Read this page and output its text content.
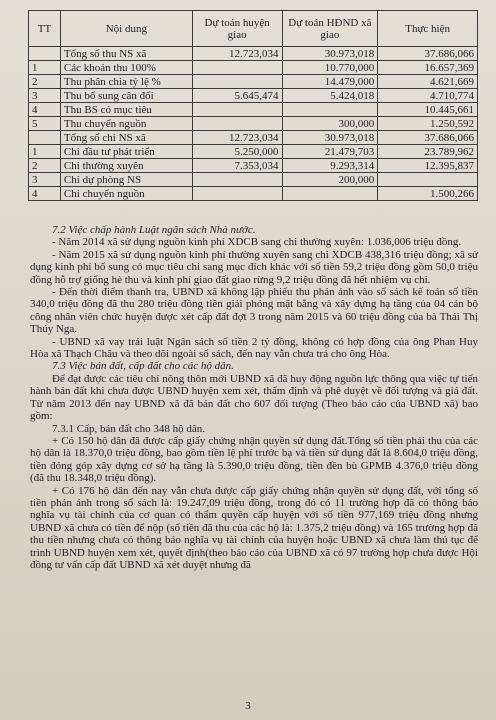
TT	Nội dung	Dự toán huyện giao	Dự toán HĐND xã giao	Thực hiện
	Tổng số thu NS xã	12.723,034	30.973,018	37.686,066
1	Các khoản thu 100%		10.770,000	16.657,369
2	Thu phân chia tỷ lệ %		14.479,000	4.621,669
3	Thu bổ sung cân đối	5.645,474	5.424,018	4.710,774
4	Thu BS có mục tiêu			10.445,661
5	Thu chuyển nguồn		300,000	1.250,592
	Tổng số chi NS xã	12.723,034	30.973,018	37.686,066
1	Chi đầu tư phát triển	5.250,000	21.479,703	23.789,962
2	Chi thường xuyên	7.353,034	9.293,314	12.395,837
3	Chi dự phòng NS		200,000	
4	Chi chuyển nguồn			1.500,266

7.2 Việc chấp hành Luật ngân sách Nhà nước.

- Năm 2014 xã sử dụng nguồn kinh phí XDCB sang chi thường xuyên: 1.036,006 triệu đồng.

- Năm 2015 xã sử dụng nguồn kinh phí thường xuyên sang chi XDCB 438,316 triệu đồng; xã sử dụng kinh phí bổ sung có mục tiêu chi sang mục đích khác với số tiền 59,2 triệu đồng gồm 50,0 triệu đồng hỗ trợ giống hè thu và kinh phí giao đất giao rừng 9,2 triệu đồng đã hết nhiệm vụ chi.

- Đến thời điểm thanh tra, UBND xã không lập phiếu thu phản ánh vào sổ sách kế toán số tiền 340,0 triệu đồng đã thu 280 triệu đồng tiền giải phóng mặt bằng và xây dựng hạ tầng của 04 cán bộ công nhân viên chức huyện được xét cấp đất đợt 3 trong năm 2015 và 60 triệu đồng của bà Thái Thị Thúy Nga.

- UBND xã vay trái luật Ngân sách số tiền 2 tỷ đồng, không có hợp đồng của ông Phan Huy Hòa xã Thạch Châu và theo dõi ngoài sổ sách, đến nay vẫn chưa trả cho ông Hòa.

7.3 Việc bán đất, cấp đất cho các hộ dân.

Để đạt được các tiêu chí nông thôn mới UBND xã đã huy động nguồn lực thông qua việc tự tiến hành bán đất khi chưa được UBND huyện xem xét, thẩm định và phê duyệt về đối tượng và giá đất. Từ năm 2013 đến nay UBND xã đã bán đất cho 607 đối tượng (Theo báo cáo của UBND xã) bao gồm:

7.3.1 Cấp, bán đất cho 348 hộ dân.

+ Có 150 hộ dân đã được cấp giấy chứng nhận quyền sử dụng đất.Tổng số tiền phải thu của các hộ dân là 18.370,0 triệu đồng, bao gồm tiền lệ phí trước bạ và tiền sử dụng đất là 8.604,0 triệu đồng, tiền đóng góp xây dựng cơ sở hạ tầng là 5.390,0 triệu đồng, tiền đền bù GPMB 4.376,0 triệu đồng (đã thu 18.348,0 triệu đồng).

+ Có 176 hộ dân đến nay vẫn chưa được cấp giấy chứng nhận quyền sử dụng đất, với tổng số tiền phản ánh trong sổ sách là: 19.247,09 triệu đồng, trong đó có 11 trường hợp đã có thông báo nghĩa vụ tài chính của cơ quan có thẩm quyền cấp huyện với số tiền 977,169 triệu đồng nhưng UBND xã chưa có tiền để nộp (số tiền đã thu của các hộ là: 1.375,2 triệu đồng) và 165 trường hợp đã thu tiền nhưng chưa có thông báo nghĩa vụ tài chính của huyện hoặc UBND xã chưa làm thủ tục để trình UBND huyện xem xét, quyết định(theo báo cáo của UBND xã có 97 trường hợp chưa được Hội đồng tư vấn cấp đất UBND xã xét duyệt nhưng đã

3
